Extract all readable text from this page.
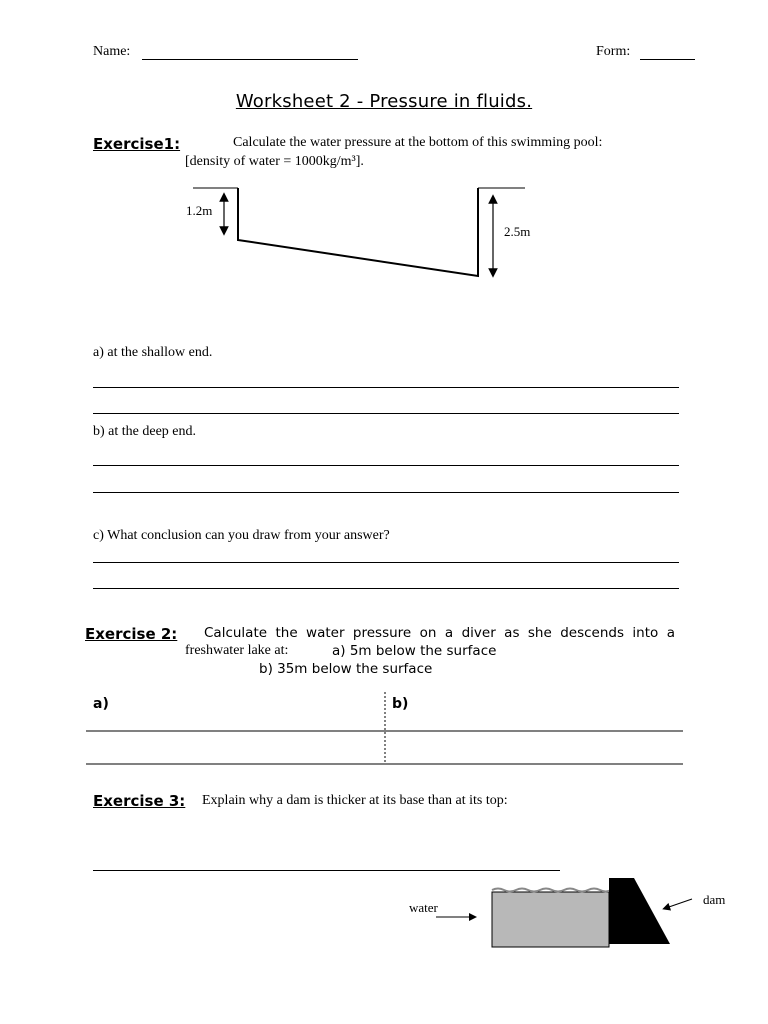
Name:	Form:
Worksheet 2 - Pressure in fluids.
Exercise1:	Calculate the water pressure at the bottom of this swimming pool:
[density of water = 1000kg/m³].
1.2m
2.5m
a) at the shallow end.
b) at the deep end.
c) What conclusion can you draw from your answer?
Exercise 2: Calculate the water pressure on a diver as she descends into a
freshwater lake at:	a) 5m below the surface
b) 35m below the surface
a)	b)
Exercise 3: Explain why a dam is thicker at its base than at its top:
water
dam
